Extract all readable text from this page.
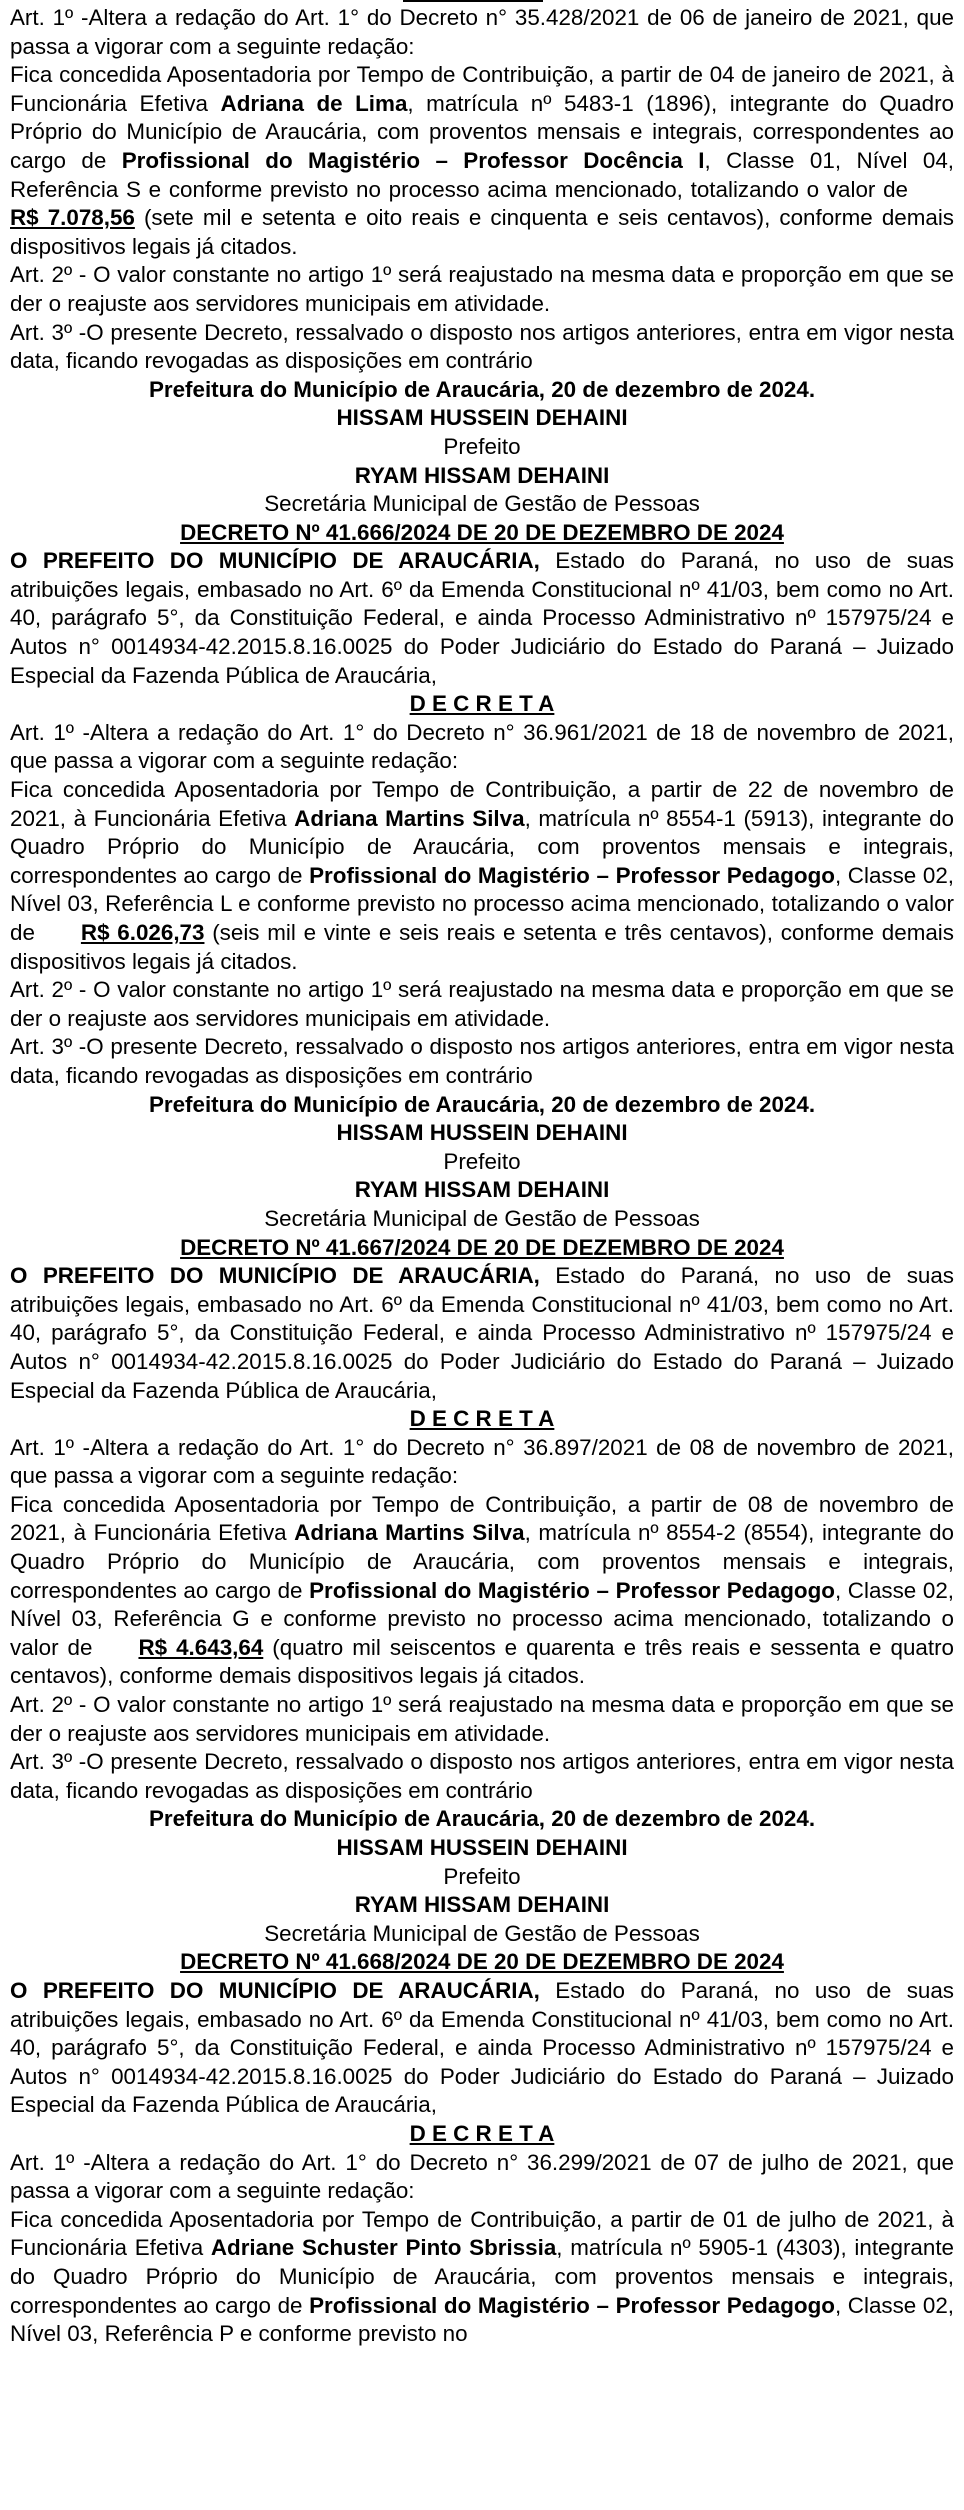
Art. 1º -Altera a redação do Art. 1° do Decreto n° 35.428/2021 de 06 de janeiro de 2021, que passa a vigorar com a seguinte redação:

Fica concedida Aposentadoria por Tempo de Contribuição, a partir de 04 de janeiro de 2021, à Funcionária Efetiva Adriana de Lima, matrícula nº 5483-1 (1896), integrante do Quadro Próprio do Município de Araucária, com proventos mensais e integrais, correspondentes ao cargo de Profissional do Magistério – Professor Docência I, Classe 01, Nível 04, Referência S e conforme previsto no processo acima mencionado, totalizando o valor deR$ 7.078,56 (sete mil e setenta e oito reais e cinquenta e seis centavos), conforme demais dispositivos legais já citados.

Art. 2º - O valor constante no artigo 1º será reajustado na mesma data e proporção em que se der o reajuste aos servidores municipais em atividade.

Art. 3º -O presente Decreto, ressalvado o disposto nos artigos anteriores, entra em vigor nesta data, ficando revogadas as disposições em contrário

Prefeitura do Município de Araucária, 20 de dezembro de 2024.

HISSAM HUSSEIN DEHAINI

Prefeito

RYAM HISSAM DEHAINI

Secretária Municipal de Gestão de Pessoas

DECRETO Nº 41.666/2024 DE 20 DE DEZEMBRO DE 2024

O PREFEITO DO MUNICÍPIO DE ARAUCÁRIA, Estado do Paraná, no uso de suas atribuições legais, embasado no Art. 6º da Emenda Constitucional nº 41/03, bem como no Art. 40, parágrafo 5°, da Constituição Federal, e ainda Processo Administrativo nº 157975/24 e Autos n° 0014934-42.2015.8.16.0025 do Poder Judiciário do Estado do Paraná – Juizado Especial da Fazenda Pública de Araucária,

D E C R E T A

Art. 1º -Altera a redação do Art. 1° do Decreto n° 36.961/2021 de 18 de novembro de 2021, que passa a vigorar com a seguinte redação:

Fica concedida Aposentadoria por Tempo de Contribuição, a partir de 22 de novembro de 2021, à Funcionária Efetiva Adriana Martins Silva, matrícula nº 8554-1 (5913), integrante do Quadro Próprio do Município de Araucária, com proventos mensais e integrais, correspondentes ao cargo de Profissional do Magistério – Professor Pedagogo, Classe 02, Nível 03, Referência L e conforme previsto no processo acima mencionado, totalizando o valor de R$ 6.026,73 (seis mil e vinte e seis reais e setenta e três centavos), conforme demais dispositivos legais já citados.

Art. 2º - O valor constante no artigo 1º será reajustado na mesma data e proporção em que se der o reajuste aos servidores municipais em atividade.

Art. 3º -O presente Decreto, ressalvado o disposto nos artigos anteriores, entra em vigor nesta data, ficando revogadas as disposições em contrário

Prefeitura do Município de Araucária, 20 de dezembro de 2024.

HISSAM HUSSEIN DEHAINI

Prefeito

RYAM HISSAM DEHAINI

Secretária Municipal de Gestão de Pessoas

DECRETO Nº 41.667/2024 DE 20 DE DEZEMBRO DE 2024

O PREFEITO DO MUNICÍPIO DE ARAUCÁRIA, Estado do Paraná, no uso de suas atribuições legais, embasado no Art. 6º da Emenda Constitucional nº 41/03, bem como no Art. 40, parágrafo 5°, da Constituição Federal, e ainda Processo Administrativo nº 157975/24 e Autos n° 0014934-42.2015.8.16.0025 do Poder Judiciário do Estado do Paraná – Juizado Especial da Fazenda Pública de Araucária,

D E C R E T A

Art. 1º -Altera a redação do Art. 1° do Decreto n° 36.897/2021 de 08 de novembro de 2021, que passa a vigorar com a seguinte redação:

Fica concedida Aposentadoria por Tempo de Contribuição, a partir de 08 de novembro de 2021, à Funcionária Efetiva Adriana Martins Silva, matrícula nº 8554-2 (8554), integrante do Quadro Próprio do Município de Araucária, com proventos mensais e integrais, correspondentes ao cargo de Profissional do Magistério – Professor Pedagogo, Classe 02, Nível 03, Referência G e conforme previsto no processo acima mencionado, totalizando o valor de R$ 4.643,64 (quatro mil seiscentos e quarenta e três reais e sessenta e quatro centavos), conforme demais dispositivos legais já citados.

Art. 2º - O valor constante no artigo 1º será reajustado na mesma data e proporção em que se der o reajuste aos servidores municipais em atividade.

Art. 3º -O presente Decreto, ressalvado o disposto nos artigos anteriores, entra em vigor nesta data, ficando revogadas as disposições em contrário

Prefeitura do Município de Araucária, 20 de dezembro de 2024.

HISSAM HUSSEIN DEHAINI

Prefeito

RYAM HISSAM DEHAINI

Secretária Municipal de Gestão de Pessoas

DECRETO Nº 41.668/2024 DE 20 DE DEZEMBRO DE 2024

O PREFEITO DO MUNICÍPIO DE ARAUCÁRIA, Estado do Paraná, no uso de suas atribuições legais, embasado no Art. 6º da Emenda Constitucional nº 41/03, bem como no Art. 40, parágrafo 5°, da Constituição Federal, e ainda Processo Administrativo nº 157975/24 e Autos n° 0014934-42.2015.8.16.0025 do Poder Judiciário do Estado do Paraná – Juizado Especial da Fazenda Pública de Araucária,

D E C R E T A

Art. 1º -Altera a redação do Art. 1° do Decreto n° 36.299/2021 de 07 de julho de 2021, que passa a vigorar com a seguinte redação:

Fica concedida Aposentadoria por Tempo de Contribuição, a partir de 01 de julho de 2021, à Funcionária Efetiva Adriane Schuster Pinto Sbrissia, matrícula nº 5905-1 (4303), integrante do Quadro Próprio do Município de Araucária, com proventos mensais e integrais, correspondentes ao cargo de Profissional do Magistério – Professor Pedagogo, Classe 02, Nível 03, Referência P e conforme previsto no
